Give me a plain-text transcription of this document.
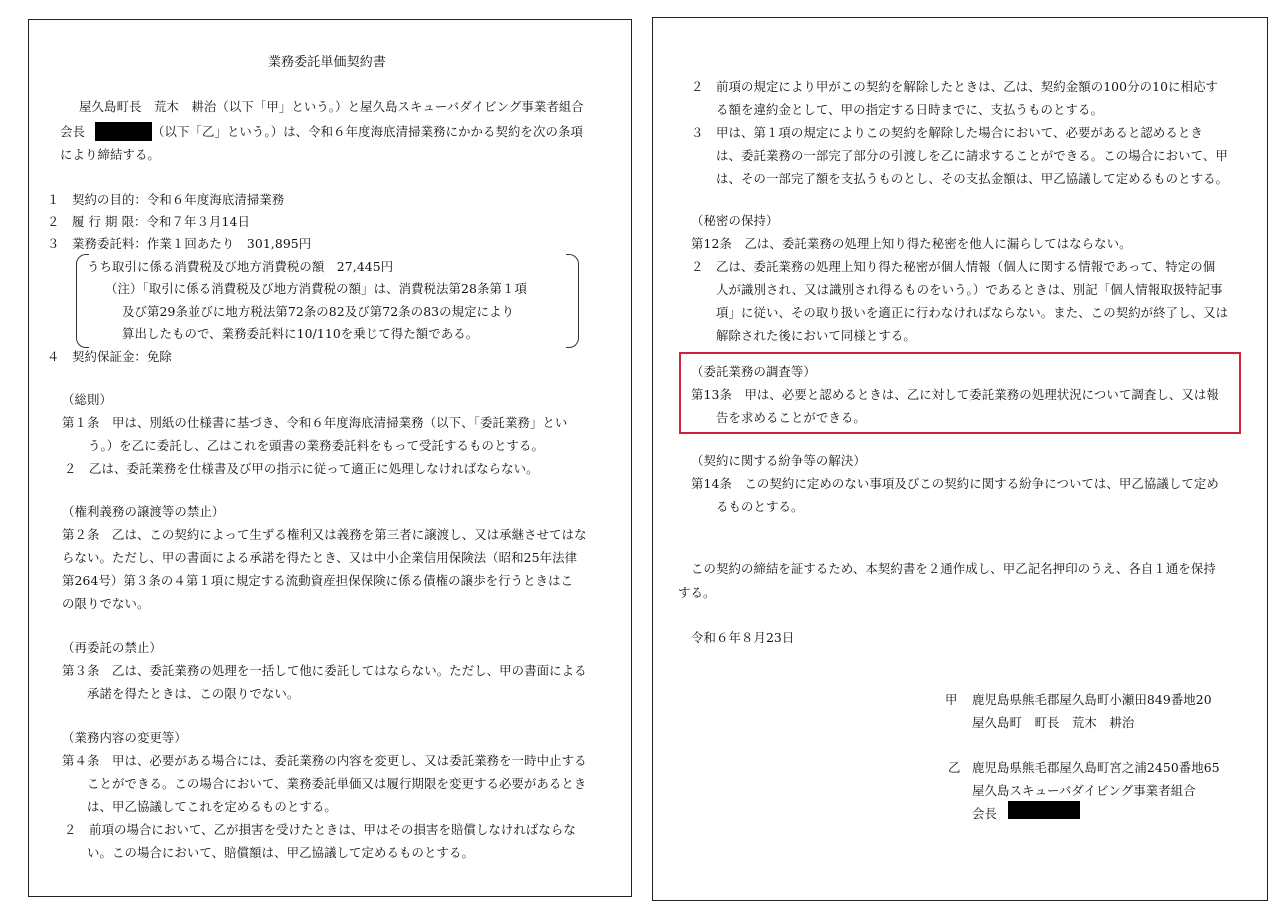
業務委託単価契約書
屋久島町長　荒木　耕治（以下「甲」という。）と屋久島スキューバダイビング事業者組合
会長	（以下「乙」という。）は、令和６年度海底清掃業務にかかる契約を次の条項
により締結する。
１　契約の目的：令和６年度海底清掃業務
２　履 行 期 限：令和７年３月14日
３　業務委託料：作業１回あたり　301,895円
うち取引に係る消費税及び地方消費税の額　27,445円
（注）「取引に係る消費税及び地方消費税の額」は、消費税法第28条第１項
及び第29条並びに地方税法第72条の82及び第72条の83の規定により
算出したもので、業務委託料に10/110を乗じて得た額である。
４　契約保証金：免除
（総則）
第１条　甲は、別紙の仕様書に基づき、令和６年度海底清掃業務（以下、「委託業務」とい
う。）を乙に委託し、乙はこれを頭書の業務委託料をもって受託するものとする。
２　乙は、委託業務を仕様書及び甲の指示に従って適正に処理しなければならない。
（権利義務の譲渡等の禁止）
第２条　乙は、この契約によって生ずる権利又は義務を第三者に譲渡し、又は承継させてはな
らない。ただし、甲の書面による承諾を得たとき、又は中小企業信用保険法（昭和25年法律
第264号）第３条の４第１項に規定する流動資産担保保険に係る債権の譲歩を行うときはこ
の限りでない。
（再委託の禁止）
第３条　乙は、委託業務の処理を一括して他に委託してはならない。ただし、甲の書面による
承諾を得たときは、この限りでない。
（業務内容の変更等）
第４条　甲は、必要がある場合には、委託業務の内容を変更し、又は委託業務を一時中止する
ことができる。この場合において、業務委託単価又は履行期限を変更する必要があるとき
は、甲乙協議してこれを定めるものとする。
２　前項の場合において、乙が損害を受けたときは、甲はその損害を賠償しなければならな
い。この場合において、賠償額は、甲乙協議して定めるものとする。
２　前項の規定により甲がこの契約を解除したときは、乙は、契約金額の100分の10に相応す
る額を違約金として、甲の指定する日時までに、支払うものとする。
３　甲は、第１項の規定によりこの契約を解除した場合において、必要があると認めるとき
は、委託業務の一部完了部分の引渡しを乙に請求することができる。この場合において、甲
は、その一部完了額を支払うものとし、その支払金額は、甲乙協議して定めるものとする。
（秘密の保持）
第12条　乙は、委託業務の処理上知り得た秘密を他人に漏らしてはならない。
２　乙は、委託業務の処理上知り得た秘密が個人情報（個人に関する情報であって、特定の個
人が識別され、又は識別され得るものをいう。）であるときは、別記「個人情報取扱特記事
項」に従い、その取り扱いを適正に行わなければならない。また、この契約が終了し、又は
解除された後において同様とする。
（委託業務の調査等）
第13条　甲は、必要と認めるときは、乙に対して委託業務の処理状況について調査し、又は報
告を求めることができる。
（契約に関する紛争等の解決）
第14条　この契約に定めのない事項及びこの契約に関する紛争については、甲乙協議して定め
るものとする。
この契約の締結を証するため、本契約書を２通作成し、甲乙記名押印のうえ、各自１通を保持
する。
令和６年８月23日
甲 鹿児島県熊毛郡屋久島町小瀬田849番地20
屋久島町　町長　荒木　耕治
乙 鹿児島県熊毛郡屋久島町宮之浦2450番地65
屋久島スキューバダイビング事業者組合
会長
